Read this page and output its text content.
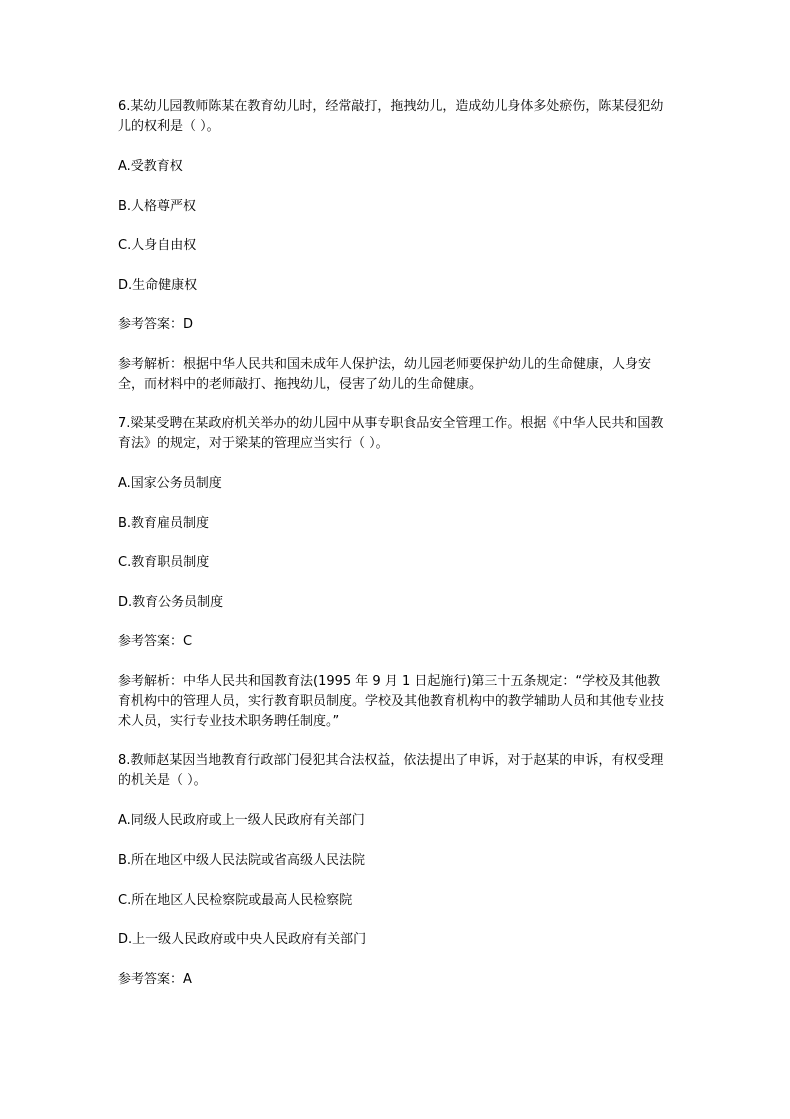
6.某幼儿园教师陈某在教育幼儿时，经常敲打，拖拽幼儿，造成幼儿身体多处瘀伤，陈某侵犯幼儿的权利是（ ）。
A.受教育权
B.人格尊严权
C.人身自由权
D.生命健康权
参考答案：D
参考解析：根据中华人民共和国未成年人保护法，幼儿园老师要保护幼儿的生命健康，人身安全，而材料中的老师敲打、拖拽幼儿，侵害了幼儿的生命健康。
7.梁某受聘在某政府机关举办的幼儿园中从事专职食品安全管理工作。根据《中华人民共和国教育法》的规定，对于梁某的管理应当实行（ ）。
A.国家公务员制度
B.教育雇员制度
C.教育职员制度
D.教育公务员制度
参考答案：C
参考解析：中华人民共和国教育法(1995 年 9 月 1 日起施行)第三十五条规定：“学校及其他教育机构中的管理人员，实行教育职员制度。学校及其他教育机构中的教学辅助人员和其他专业技术人员，实行专业技术职务聘任制度。”
8.教师赵某因当地教育行政部门侵犯其合法权益，依法提出了申诉，对于赵某的申诉，有权受理的机关是（ ）。
A.同级人民政府或上一级人民政府有关部门
B.所在地区中级人民法院或省高级人民法院
C.所在地区人民检察院或最高人民检察院
D.上一级人民政府或中央人民政府有关部门
参考答案：A
